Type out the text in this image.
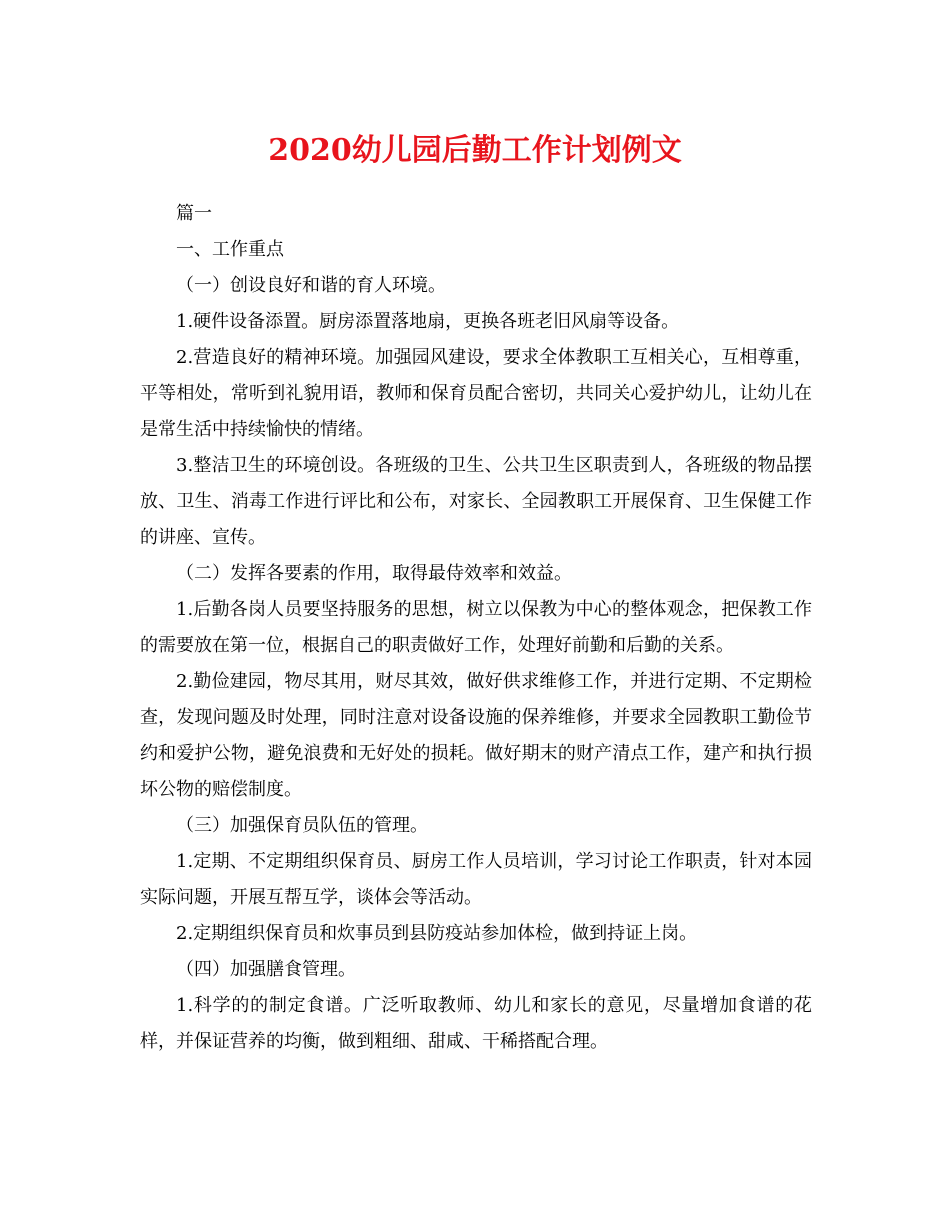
2020幼儿园后勤工作计划例文

篇一

一、工作重点

（一）创设良好和谐的育人环境。

1.硬件设备添置。厨房添置落地扇，更换各班老旧风扇等设备。

2.营造良好的精神环境。加强园风建设，要求全体教职工互相关心，互相尊重，平等相处，常听到礼貌用语，教师和保育员配合密切，共同关心爱护幼儿，让幼儿在是常生活中持续愉快的情绪。

3.整洁卫生的环境创设。各班级的卫生、公共卫生区职责到人，各班级的物品摆放、卫生、消毒工作进行评比和公布，对家长、全园教职工开展保育、卫生保健工作的讲座、宣传。

（二）发挥各要素的作用，取得最侍效率和效益。

1.后勤各岗人员要坚持服务的思想，树立以保教为中心的整体观念，把保教工作的需要放在第一位，根据自己的职责做好工作，处理好前勤和后勤的关系。

2.勤俭建园，物尽其用，财尽其效，做好供求维修工作，并进行定期、不定期检查，发现问题及时处理，同时注意对设备设施的保养维修，并要求全园教职工勤俭节约和爱护公物，避免浪费和无好处的损耗。做好期末的财产清点工作，建产和执行损坏公物的赔偿制度。

（三）加强保育员队伍的管理。

1.定期、不定期组织保育员、厨房工作人员培训，学习讨论工作职责，针对本园实际问题，开展互帮互学，谈体会等活动。

2.定期组织保育员和炊事员到县防疫站参加体检，做到持证上岗。

（四）加强膳食管理。

1.科学的的制定食谱。广泛听取教师、幼儿和家长的意见，尽量增加食谱的花样，并保证营养的均衡，做到粗细、甜咸、干稀搭配合理。
